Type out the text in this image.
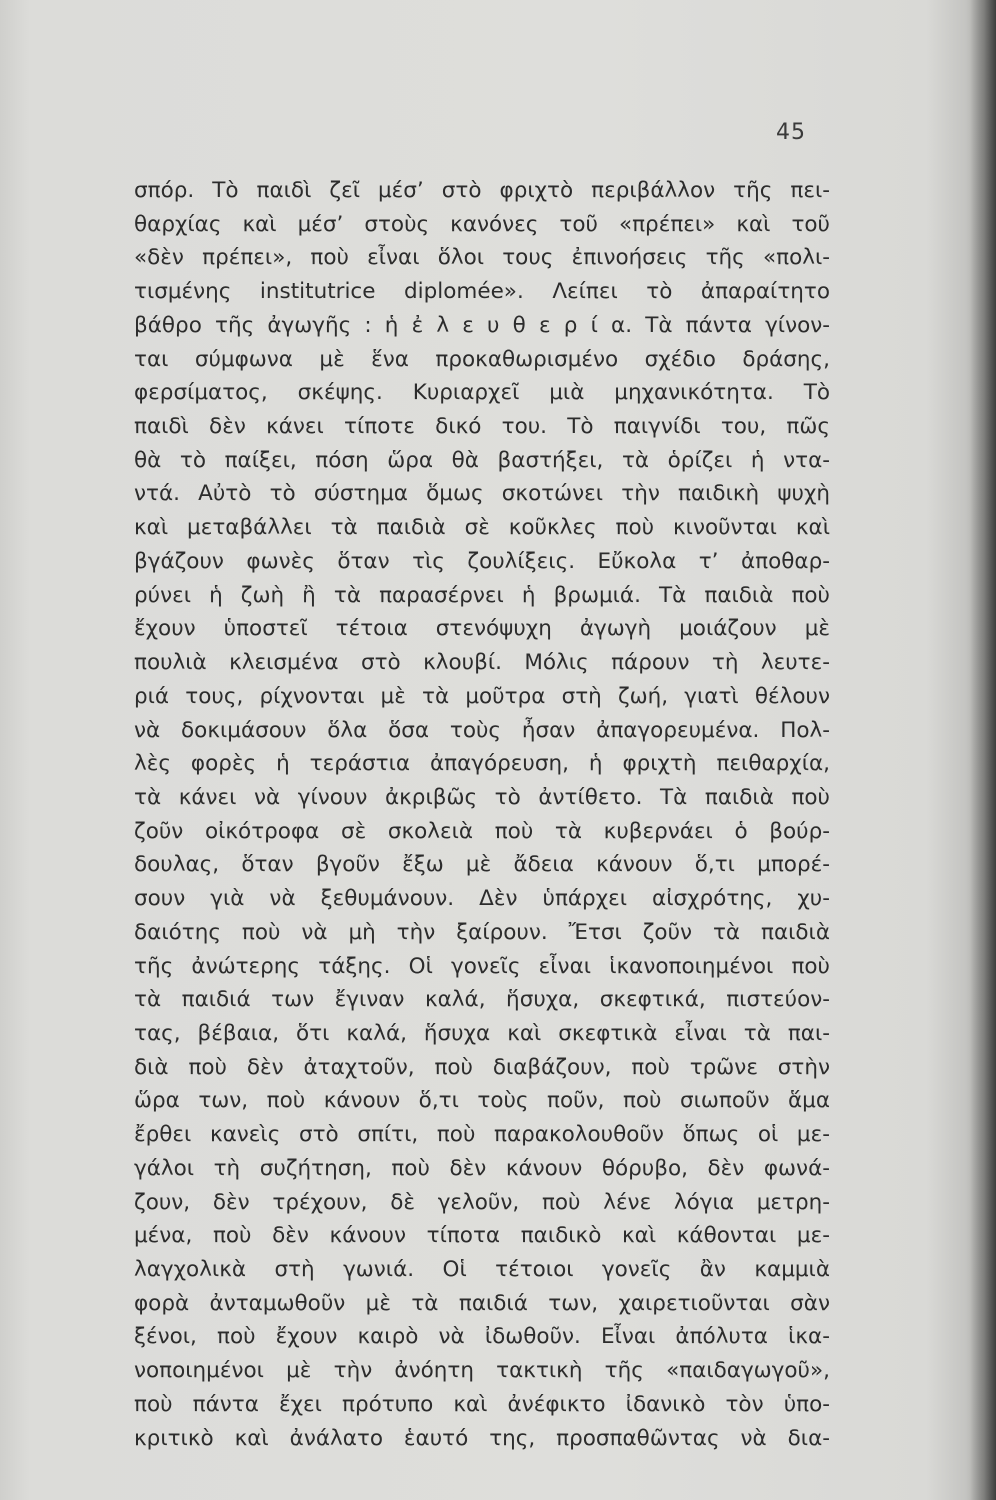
45
σπόρ. Τὸ παιδὶ ζεῖ μέσ’ στὸ φριχτὸ περιβάλλον τῆς πει-
θαρχίας καὶ μέσ’ στοὺς κανόνες τοῦ «πρέπει» καὶ τοῦ
«δὲν πρέπει», ποὺ εἶναι ὅλοι τους ἐπινοήσεις τῆς «πολι-
τισμένης institutrice diplomée». Λείπει τὸ ἀπαραίτητο
βάθρο τῆς ἀγωγῆς : ἡ ἐ λ ε υ θ ε ρ ί α. Τὰ πάντα γίνον-
ται σύμφωνα μὲ ἕνα προκαθωρισμένο σχέδιο δράσης,
φερσίματος, σκέψης. Κυριαρχεῖ μιὰ μηχανικότητα. Τὸ
παιδὶ δὲν κάνει τίποτε δικό του. Τὸ παιγνίδι του, πῶς
θὰ τὸ παίξει, πόση ὥρα θὰ βαστήξει, τὰ ὁρίζει ἡ ντα-
ντά. Αὐτὸ τὸ σύστημα ὅμως σκοτώνει τὴν παιδικὴ ψυχὴ
καὶ μεταβάλλει τὰ παιδιὰ σὲ κοῦκλες ποὺ κινοῦνται καὶ
βγάζουν φωνὲς ὅταν τὶς ζουλίξεις. Εὔκολα τ’ ἀποθαρ-
ρύνει ἡ ζωὴ ἢ τὰ παρασέρνει ἡ βρωμιά. Τὰ παιδιὰ ποὺ
ἔχουν ὑποστεῖ τέτοια στενόψυχη ἀγωγὴ μοιάζουν μὲ
πουλιὰ κλεισμένα στὸ κλουβί. Μόλις πάρουν τὴ λευτε-
ριά τους, ρίχνονται μὲ τὰ μοῦτρα στὴ ζωή, γιατὶ θέλουν
νὰ δοκιμάσουν ὅλα ὅσα τοὺς ἦσαν ἀπαγορευμένα. Πολ-
λὲς φορὲς ἡ τεράστια ἀπαγόρευση, ἡ φριχτὴ πειθαρχία,
τὰ κάνει νὰ γίνουν ἀκριβῶς τὸ ἀντίθετο. Τὰ παιδιὰ ποὺ
ζοῦν οἰκότροφα σὲ σκολειὰ ποὺ τὰ κυβερνάει ὁ βούρ-
δουλας, ὅταν βγοῦν ἔξω μὲ ἄδεια κάνουν ὅ,τι μπορέ-
σουν γιὰ νὰ ξεθυμάνουν. Δὲν ὑπάρχει αἰσχρότης, χυ-
δαιότης ποὺ νὰ μὴ τὴν ξαίρουν. Ἔτσι ζοῦν τὰ παιδιὰ
τῆς ἀνώτερης τάξης. Οἱ γονεῖς εἶναι ἱκανοποιημένοι ποὺ
τὰ παιδιά των ἔγιναν καλά, ἥσυχα, σκεφτικά, πιστεύον-
τας, βέβαια, ὅτι καλά, ἥσυχα καὶ σκεφτικὰ εἶναι τὰ παι-
διὰ ποὺ δὲν ἀταχτοῦν, ποὺ διαβάζουν, ποὺ τρῶνε στὴν
ὥρα των, ποὺ κάνουν ὅ,τι τοὺς ποῦν, ποὺ σιωποῦν ἅμα
ἔρθει κανεὶς στὸ σπίτι, ποὺ παρακολουθοῦν ὅπως οἱ με-
γάλοι τὴ συζήτηση, ποὺ δὲν κάνουν θόρυβο, δὲν φωνά-
ζουν, δὲν τρέχουν, δὲ γελοῦν, ποὺ λένε λόγια μετρη-
μένα, ποὺ δὲν κάνουν τίποτα παιδικὸ καὶ κάθονται με-
λαγχολικὰ στὴ γωνιά. Οἱ τέτοιοι γονεῖς ἂν καμμιὰ
φορὰ ἀνταμωθοῦν μὲ τὰ παιδιά των, χαιρετιοῦνται σὰν
ξένοι, ποὺ ἔχουν καιρὸ νὰ ἰδωθοῦν. Εἶναι ἀπόλυτα ἱκα-
νοποιημένοι μὲ τὴν ἀνόητη τακτικὴ τῆς «παιδαγωγοῦ»,
ποὺ πάντα ἔχει πρότυπο καὶ ἀνέφικτο ἰδανικὸ τὸν ὑπο-
κριτικὸ καὶ ἀνάλατο ἑαυτό της, προσπαθῶντας νὰ δια-
